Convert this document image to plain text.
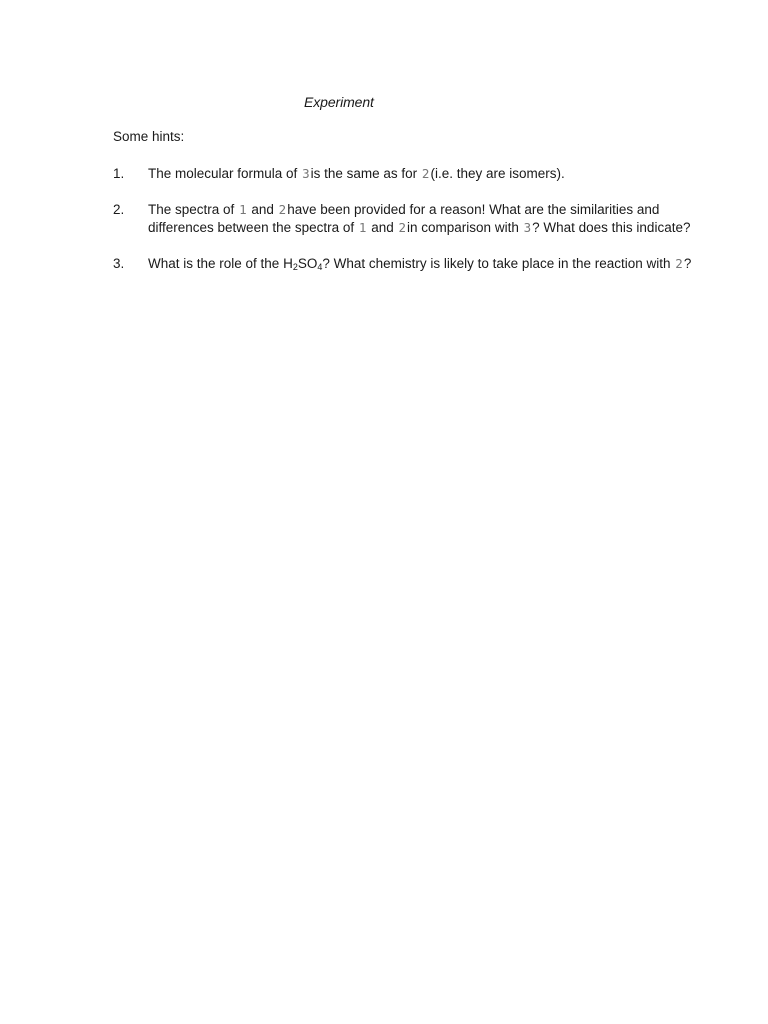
Experiment
Some hints:
1.	The molecular formula of 3is the same as for 2(i.e. they are isomers).
2.	The spectra of 1 and 2have been provided for a reason! What are the similarities and
differences between the spectra of 1 and 2in comparison with 3? What does this indicate?
3.	What is the role of the $H_2SO_4$? What chemistry is likely to take place in the reaction with 2?
